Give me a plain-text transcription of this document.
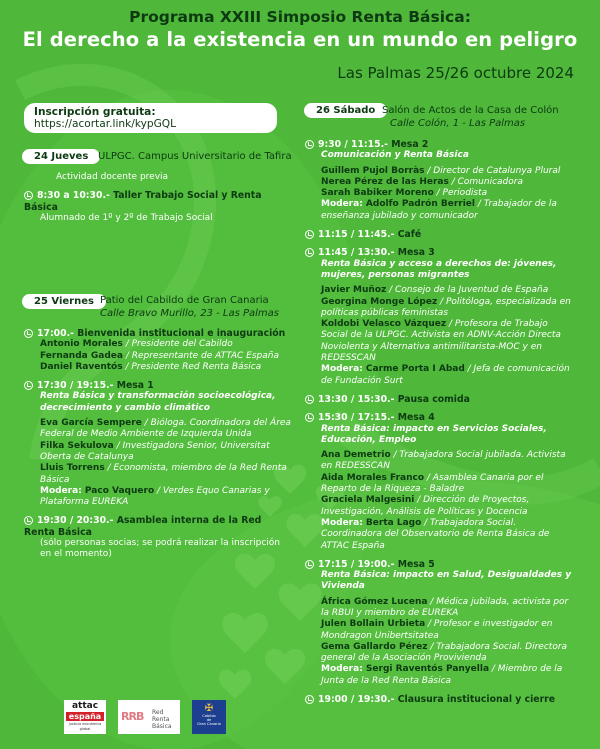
Programa XXIII Simposio Renta Básica:
El derecho a la existencia en un mundo en peligro
Las Palmas 25/26 octubre 2024
Inscripción gratuita: https://acortar.link/kypGQL
24 Jueves ULPGC. Campus Universitario de Tafira
Actividad docente previa
8:30 a 10:30.- Taller Trabajo Social y Renta Básica
Alumnado de 1º y 2º de Trabajo Social
25 Viernes Patio del Cabildo de Gran Canaria
Calle Bravo Murillo, 23 - Las Palmas
17:00.- Bienvenida institucional e inauguración
Antonio Morales / Presidente del Cabildo
Fernanda Gadea / Representante de ATTAC España
Daniel Raventós / Presidente Red Renta Básica
17:30 / 19:15.- Mesa 1
Renta Básica y transformación socioecológica, decrecimiento y cambio climático
Eva García Sempere / Bióloga. Coordinadora del Área Federal de Medio Ambiente de Izquierda Unida
Filka Sekulova / Investigadora Senior, Universitat Oberta de Catalunya
Lluis Torrens / Economista, miembro de la Red Renta Básica
Modera: Paco Vaquero / Verdes Equo Canarias y Plataforma EUREKA
19:30 / 20:30.- Asamblea interna de la Red Renta Básica
(sólo personas socias; se podrá realizar la inscripción en el momento)
26 Sábado Salón de Actos de la Casa de Colón
Calle Colón, 1 - Las Palmas
9:30 / 11:15.- Mesa 2
Comunicación y Renta Básica
Guillem Pujol Borràs / Director de Catalunya Plural
Nerea Pérez de las Heras / Comunicadora
Sarah Babiker Moreno / Periodista
Modera: Adolfo Padrón Berriel / Trabajador de la enseñanza jubilado y comunicador
11:15 / 11:45.- Café
11:45 / 13:30.- Mesa 3
Renta Básica y acceso a derechos de: jóvenes, mujeres, personas migrantes
Javier Muñoz / Consejo de la Juventud de España
Georgina Monge López / Politóloga, especializada en políticas públicas feministas
Koldobi Velasco Vázquez / Profesora de Trabajo Social de la ULPGC. Activista en ADNV-Acción Directa Noviolenta y Alternativa antimilitarista-MOC y en REDESSCAN
Modera: Carme Porta I Abad / Jefa de comunicación de Fundación Surt
13:30 / 15:30.- Pausa comida
15:30 / 17:15.- Mesa 4
Renta Básica: impacto en Servicios Sociales, Educación, Empleo
Ana Demetrio / Trabajadora Social jubilada. Activista en REDESSCAN
Aida Morales Franco / Asamblea Canaria por el Reparto de la Riqueza - Baladre
Graciela Malgesini / Dirección de Proyectos, Investigación, Análisis de Políticas y Docencia
Modera: Berta Lago / Trabajadora Social. Coordinadora del Observatorio de Renta Básica de ATTAC España
17:15 / 19:00.- Mesa 5
Renta Básica: impacto en Salud, Desigualdades y Vivienda
África Gómez Lucena / Médica jubilada, activista por la RBUI y miembro de EUREKA
Julen Bollain Urbieta / Profesor e investigador en Mondragon Unibertsitatea
Gema Gallardo Pérez / Trabajadora Social. Directora general de la Asociación Provivienda
Modera: Sergi Raventós Panyella / Miembro de la Junta de la Red Renta Básica
19:00 / 19:30.- Clausura institucional y cierre
attac
españa
justicia económica global
RRB Red
Renta Básica
✠
Cabildo
de
Gran Canaria
